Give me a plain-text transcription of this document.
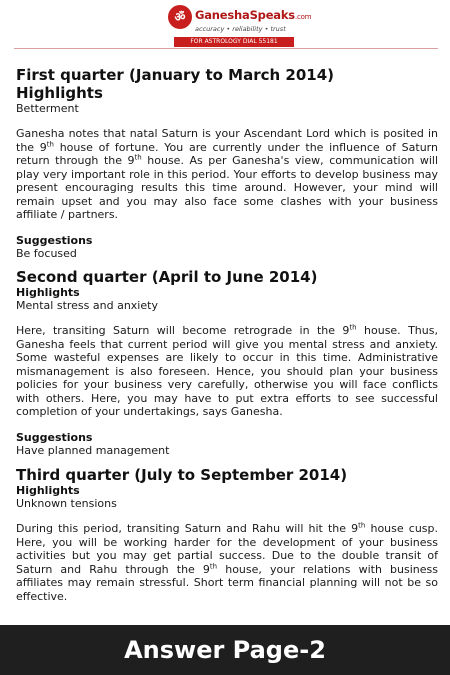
ॐ GaneshaSpeaks.com
accuracy • reliability • trust
FOR ASTROLOGY DIAL 55181
First quarter (January to March 2014)
Highlights
Betterment

Ganesha notes that natal Saturn is your Ascendant Lord which is posited in the 9th house of fortune. You are currently under the influence of Saturn return through the 9th house. As per Ganesha's view, communication will play very important role in this period. Your efforts to develop business may present encouraging results this time around. However, your mind will remain upset and you may also face some clashes with your business affiliate / partners.

Suggestions
Be focused
Second quarter (April to June 2014)
Highlights
Mental stress and anxiety

Here, transiting Saturn will become retrograde in the 9th house. Thus, Ganesha feels that current period will give you mental stress and anxiety. Some wasteful expenses are likely to occur in this time. Administrative mismanagement is also foreseen. Hence, you should plan your business policies for your business very carefully, otherwise you will face conflicts with others. Here, you may have to put extra efforts to see successful completion of your undertakings, says Ganesha.

Suggestions
Have planned management
Third quarter (July to September 2014)
Highlights
Unknown tensions

During this period, transiting Saturn and Rahu will hit the 9th house cusp. Here, you will be working harder for the development of your business activities but you may get partial success. Due to the double transit of Saturn and Rahu through the 9th house, your relations with business affiliates may remain stressful. Short term financial planning will not be so effective.

Answer Page-2
